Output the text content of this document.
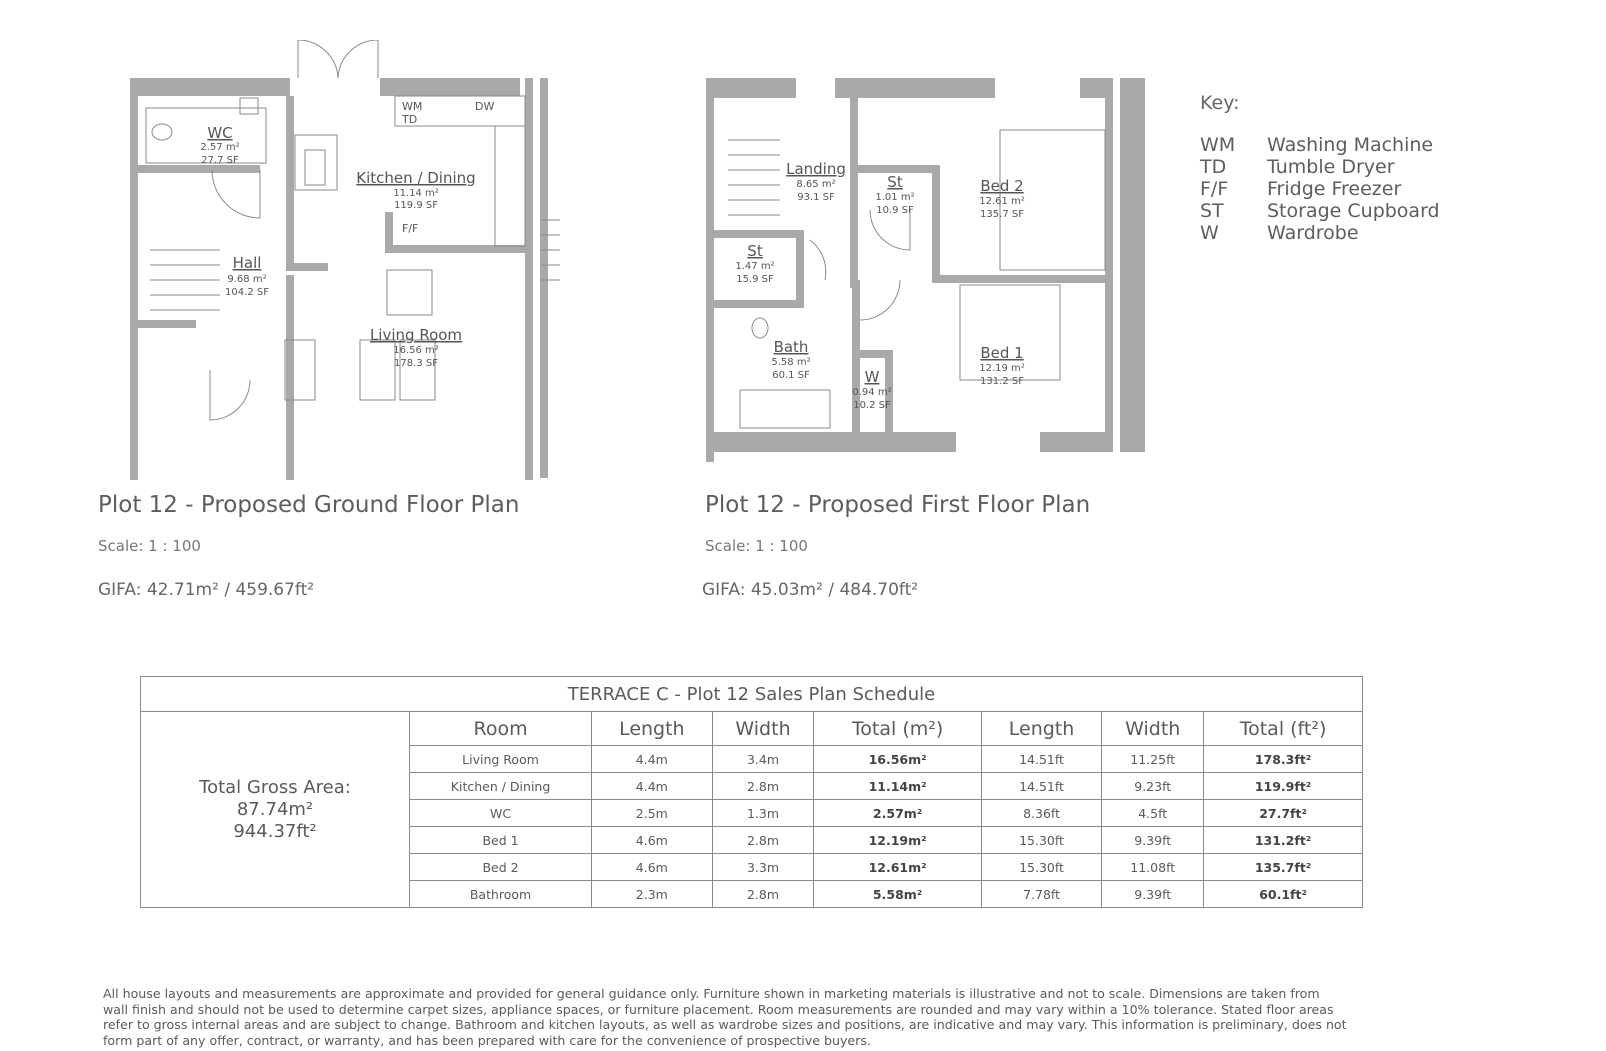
WC
2.57 m²
27.7 SF
Kitchen / Dining
11.14 m²
119.9 SF
Hall
9.68 m²
104.2 SF
Living Room
16.56 m²
178.3 SF
WM
TD
DW
F/F
Plot 12 - Proposed Ground Floor Plan
Scale: 1 : 100
GIFA: 42.71m² / 459.67ft²
Landing
8.65 m²
93.1 SF
St
1.01 m²
10.9 SF
Bed 2
12.61 m²
135.7 SF
St
1.47 m²
15.9 SF
Bath
5.58 m²
60.1 SF	W
0.94 m²
10.2 SF
Bed 1
12.19 m²
131.2 SF
Plot 12 - Proposed First Floor Plan
Scale: 1 : 100
GIFA: 45.03m² / 484.70ft²
Key:
WM	Washing Machine
TD	Tumble Dryer
F/F	Fridge Freezer
ST	Storage Cupboard
W	Wardrobe
TERRACE C - Plot 12 Sales Plan Schedule							

Total Gross Area:
87.74m²
944.37ft²	Room	Length	Width	Total (m²)	Length	Width	Total (ft²)
	Living Room	4.4m	3.4m	16.56m²	14.51ft	11.25ft	178.3ft²
	Kitchen / Dining	4.4m	2.8m	11.14m²	14.51ft	9.23ft	119.9ft²
	WC	2.5m	1.3m	2.57m²	8.36ft	4.5ft	27.7ft²
	Bed 1	4.6m	2.8m	12.19m²	15.30ft	9.39ft	131.2ft²
	Bed 2	4.6m	3.3m	12.61m²	15.30ft	11.08ft	135.7ft²
	Bathroom	2.3m	2.8m	5.58m²	7.78ft	9.39ft	60.1ft²
All house layouts and measurements are approximate and provided for general guidance only. Furniture shown in marketing materials is illustrative and not to scale. Dimensions are taken from wall finish and should not be used to determine carpet sizes, appliance spaces, or furniture placement. Room measurements are rounded and may vary within a 10% tolerance. Stated floor areas refer to gross internal areas and are subject to change. Bathroom and kitchen layouts, as well as wardrobe sizes and positions, are indicative and may vary. This information is preliminary, does not form part of any offer, contract, or warranty, and has been prepared with care for the convenience of prospective buyers.
